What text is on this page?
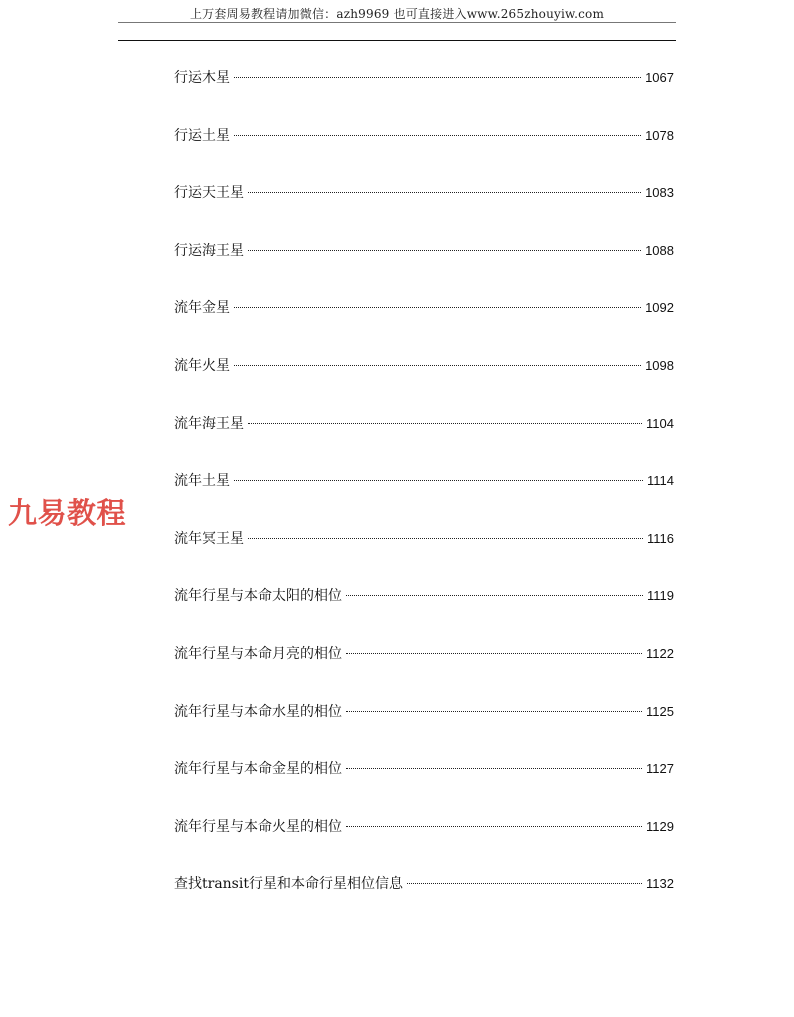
上万套周易教程请加微信：azh9969 也可直接进入www.265zhouyiw.com
行运木星	1067
行运土星	1078
行运天王星	1083
行运海王星	1088
流年金星	1092
流年火星	1098
流年海王星	1104
流年土星	1114
流年冥王星	1116
流年行星与本命太阳的相位	1119
流年行星与本命月亮的相位	1122
流年行星与本命水星的相位	1125
流年行星与本命金星的相位	1127
流年行星与本命火星的相位	1129
查找transit行星和本命行星相位信息	1132
九易教程
